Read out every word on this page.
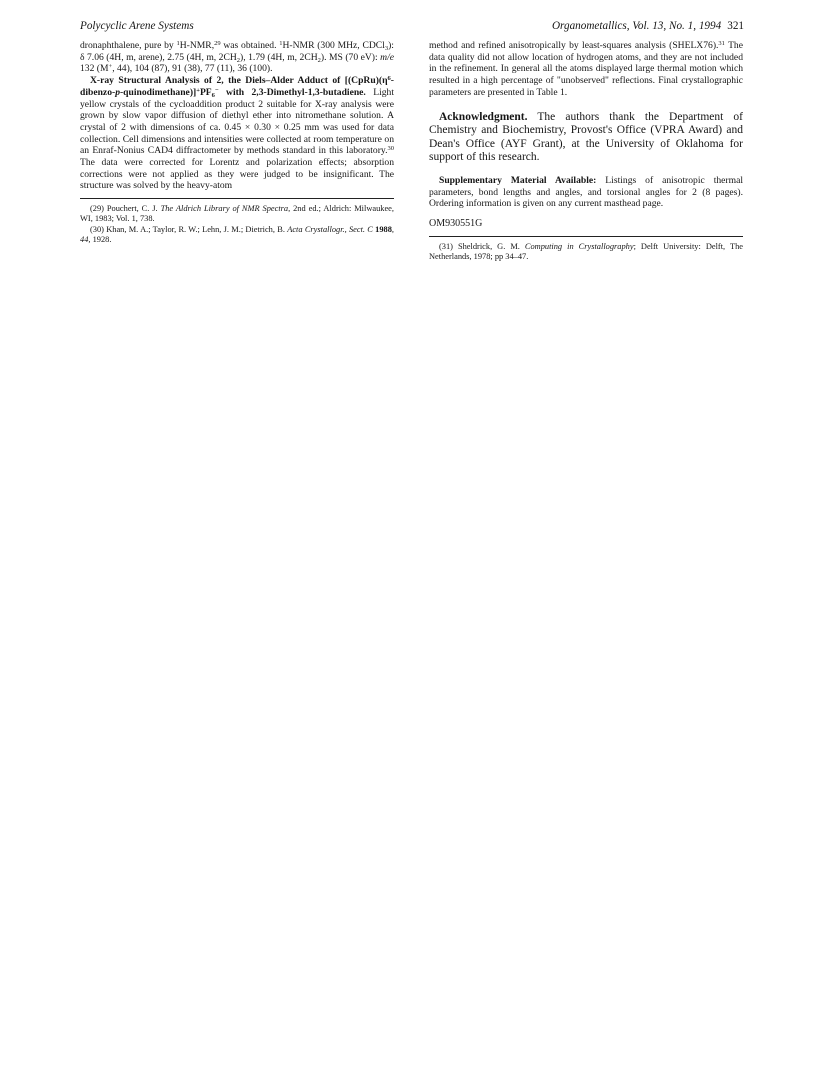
Polycyclic Arene Systems	Organometallics, Vol. 13, No. 1, 1994 321

dronaphthalene, pure by $^1$H-NMR,$^{29}$ was obtained. $^1$H-NMR (300 MHz, CDCl$_3$): δ 7.06 (4H, m, arene), 2.75 (4H, m, $2CH_2$), 1.79 (4H, m, $2CH_2$). MS (70 eV): m/e 132 (M+, 44), 104 (87), 91 (38), 77 (11), 36 (100).

X-ray Structural Analysis of 2, the Diels–Alder Adduct of $[(CpRu)(\eta^6-dibenzo-p-quinodimethane)]^+PF_6^-$ with 2,3-Dimethyl-1,3-butadiene. Light yellow crystals of the cycloaddition product 2 suitable for X-ray analysis were grown by slow vapor diffusion of diethyl ether into nitromethane solution. A crystal of 2 with dimensions of ca. 0.45 × 0.30 × 0.25 mm was used for data collection. Cell dimensions and intensities were collected at room temperature on an Enraf-Nonius CAD4 diffractometer by methods standard in this laboratory.$^{30}$ The data were corrected for Lorentz and polarization effects; absorption corrections were not applied as they were judged to be insignificant. The structure was solved by the heavy-atom

(29) Pouchert, C. J. The Aldrich Library of NMR Spectra, 2nd ed.; Aldrich: Milwaukee, WI, 1983; Vol. 1, 738.

(30) Khan, M. A.; Taylor, R. W.; Lehn, J. M.; Dietrich, B. Acta Crystallogr., Sect. C 1988, 44, 1928.

method and refined anisotropically by least-squares analysis (SHELX76).$^{31}$ The data quality did not allow location of hydrogen atoms, and they are not included in the refinement. In general all the atoms displayed large thermal motion which resulted in a high percentage of "unobserved" reflections. Final crystallographic parameters are presented in Table 1.

Acknowledgment. The authors thank the Department of Chemistry and Biochemistry, Provost's Office (VPRA Award) and Dean's Office (AYF Grant), at the University of Oklahoma for support of this research.

Supplementary Material Available: Listings of anisotropic thermal parameters, bond lengths and angles, and torsional angles for 2 (8 pages). Ordering information is given on any current masthead page.

OM930551G

(31) Sheldrick, G. M. Computing in Crystallography; Delft University: Delft, The Netherlands, 1978; pp 34–47.
